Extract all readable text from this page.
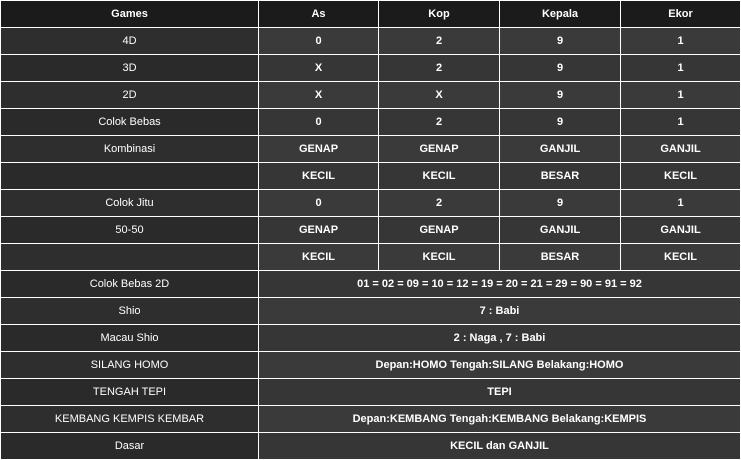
Games	As	Kop	Kepala	Ekor
4D	0	2	9	1
3D	X	2	9	1
2D	X	X	9	1
Colok Bebas	0	2	9	1
Kombinasi	GENAP	GENAP	GANJIL	GANJIL
	KECIL	KECIL	BESAR	KECIL
Colok Jitu	0	2	9	1
50-50	GENAP	GENAP	GANJIL	GANJIL
	KECIL	KECIL	BESAR	KECIL
Colok Bebas 2D	01 = 02 = 09 = 10 = 12 = 19 = 20 = 21 = 29 = 90 = 91 = 92			
Shio	7 : Babi			
Macau Shio	2 : Naga , 7 : Babi			
SILANG HOMO	Depan:HOMO Tengah:SILANG Belakang:HOMO			
TENGAH TEPI	TEPI			
KEMBANG KEMPIS KEMBAR	Depan:KEMBANG Tengah:KEMBANG Belakang:KEMPIS			
Dasar	KECIL dan GANJIL			
